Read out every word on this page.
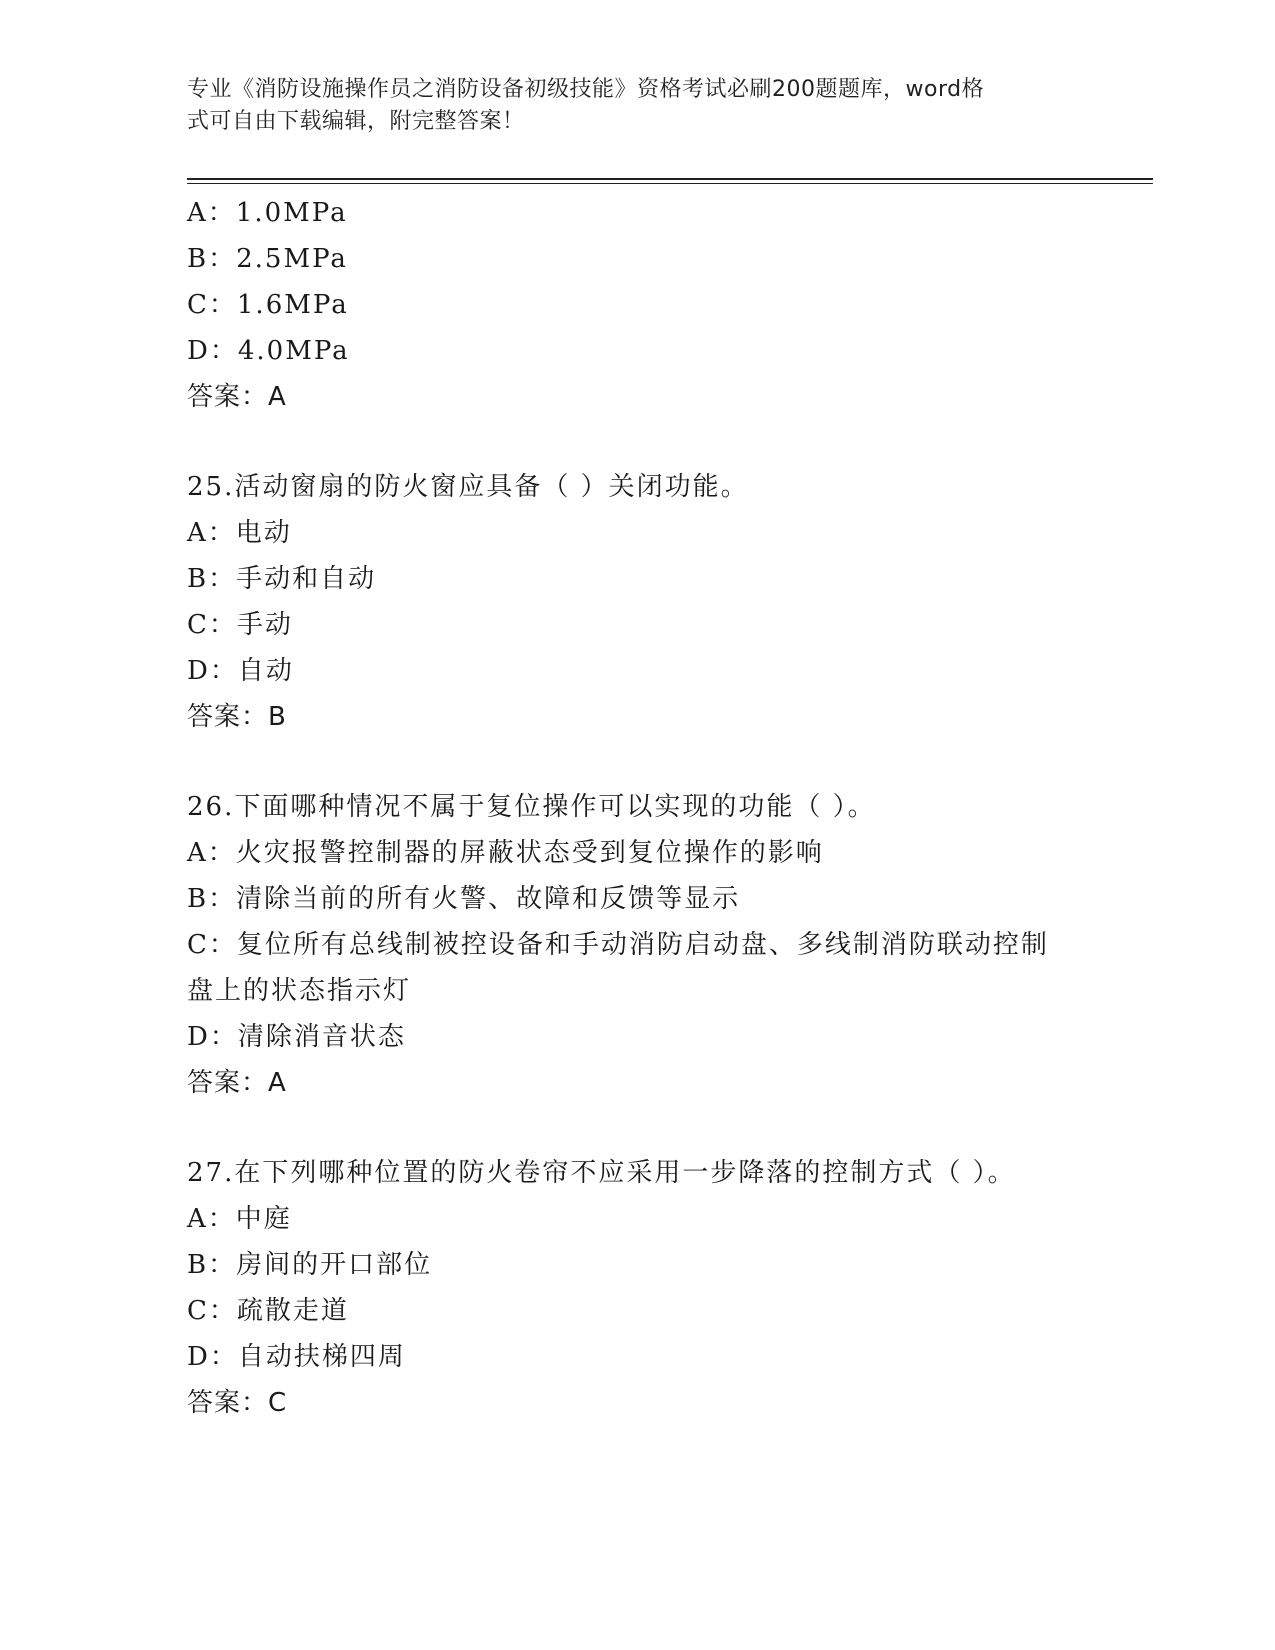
专业《消防设施操作员之消防设备初级技能》资格考试必刷200题题库，word格
式可自由下载编辑，附完整答案！
A：1.0MPa
B：2.5MPa
C：1.6MPa
D：4.0MPa
答案：A
25.活动窗扇的防火窗应具备（ ）关闭功能。
A：电动
B：手动和自动
C：手动
D：自动
答案：B
26.下面哪种情况不属于复位操作可以实现的功能（ ）。
A：火灾报警控制器的屏蔽状态受到复位操作的影响
B：清除当前的所有火警、故障和反馈等显示
C：复位所有总线制被控设备和手动消防启动盘、多线制消防联动控制
盘上的状态指示灯
D：清除消音状态
答案：A
27.在下列哪种位置的防火卷帘不应采用一步降落的控制方式（ ）。
A：中庭
B：房间的开口部位
C：疏散走道
D：自动扶梯四周
答案：C
